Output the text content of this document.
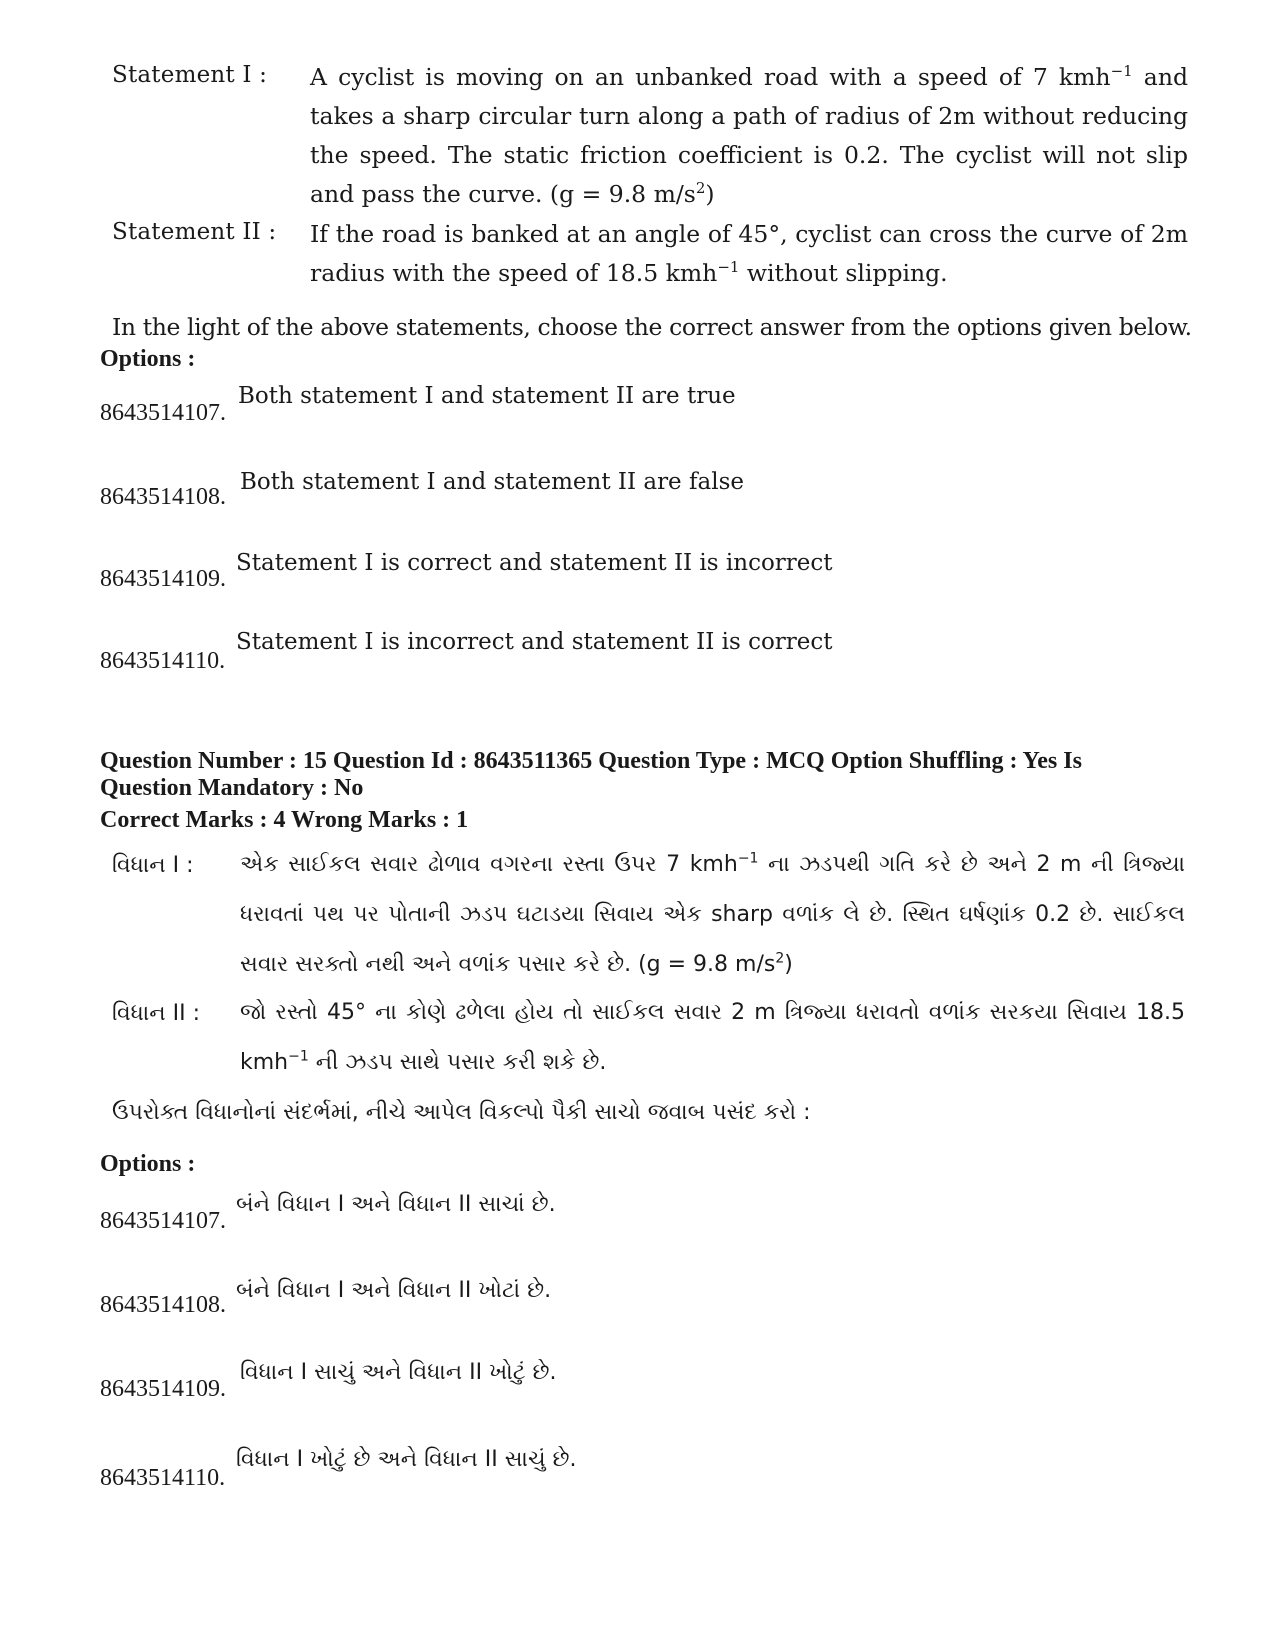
Statement I : A cyclist is moving on an unbanked road with a speed of 7 kmh$^{-1}$ and takes a sharp circular turn along a path of radius of 2m without reducing the speed. The static friction coefficient is 0.2. The cyclist will not slip and pass the curve. (g = 9.8 $m/s^2$)
Statement II : If the road is banked at an angle of 45°, cyclist can cross the curve of 2m radius with the speed of 18.5 kmh$^{-1}$ without slipping.
In the light of the above statements, choose the correct answer from the options given below.
Options :
Both statement I and statement II are true
8643514107.
Both statement I and statement II are false
8643514108.
Statement I is correct and statement II is incorrect
8643514109.
Statement I is incorrect and statement II is correct
8643514110.
Question Number : 15 Question Id : 8643511365 Question Type : MCQ Option Shuffling : Yes Is
Question Mandatory : No
Correct Marks : 4 Wrong Marks : 1
વિધાન I : એક સાઈકલ સવાર ઢોળાવ વગરના રસ્તા ઉપર 7 kmh$^{-1}$ ના ઝડપથી ગતિ કરે છે અને 2 m ની ત્રિજ્યા ધરાવતાં પથ પર પોતાની ઝડપ ઘટાડયા સિવાય એક sharp વળાંક લે છે. સ્થિત ઘર્ષણાંક 0.2 છે. સાઈકલ સવાર સરક્તો નથી અને વળાંક પસાર કરે છે. (g = 9.8 $m/s^2$)
વિધાન II : જો રસ્તો 45° ના કોણે ઢળેલા હોય તો સાઈકલ સવાર 2 m ત્રિજ્યા ધરાવતો વળાંક સરકયા સિવાય 18.5 kmh$^{-1}$ ની ઝડપ સાથે પસાર કરી શકે છે.
ઉપરોક્ત વિધાનોનાં સંદર્ભમાં, નીચે આપેલ વિકલ્પો પૈકી સાચો જવાબ પસંદ કરો :
Options :
બંને વિધાન I અને વિધાન II સાચાં છે.
8643514107.
બંને વિધાન I અને વિધાન II ખોટાં છે.
8643514108.
વિધાન I સાચું અને વિધાન II ખોટું છે.
8643514109.
વિધાન I ખોટું છે અને વિધાન II સાચું છે.
8643514110.
